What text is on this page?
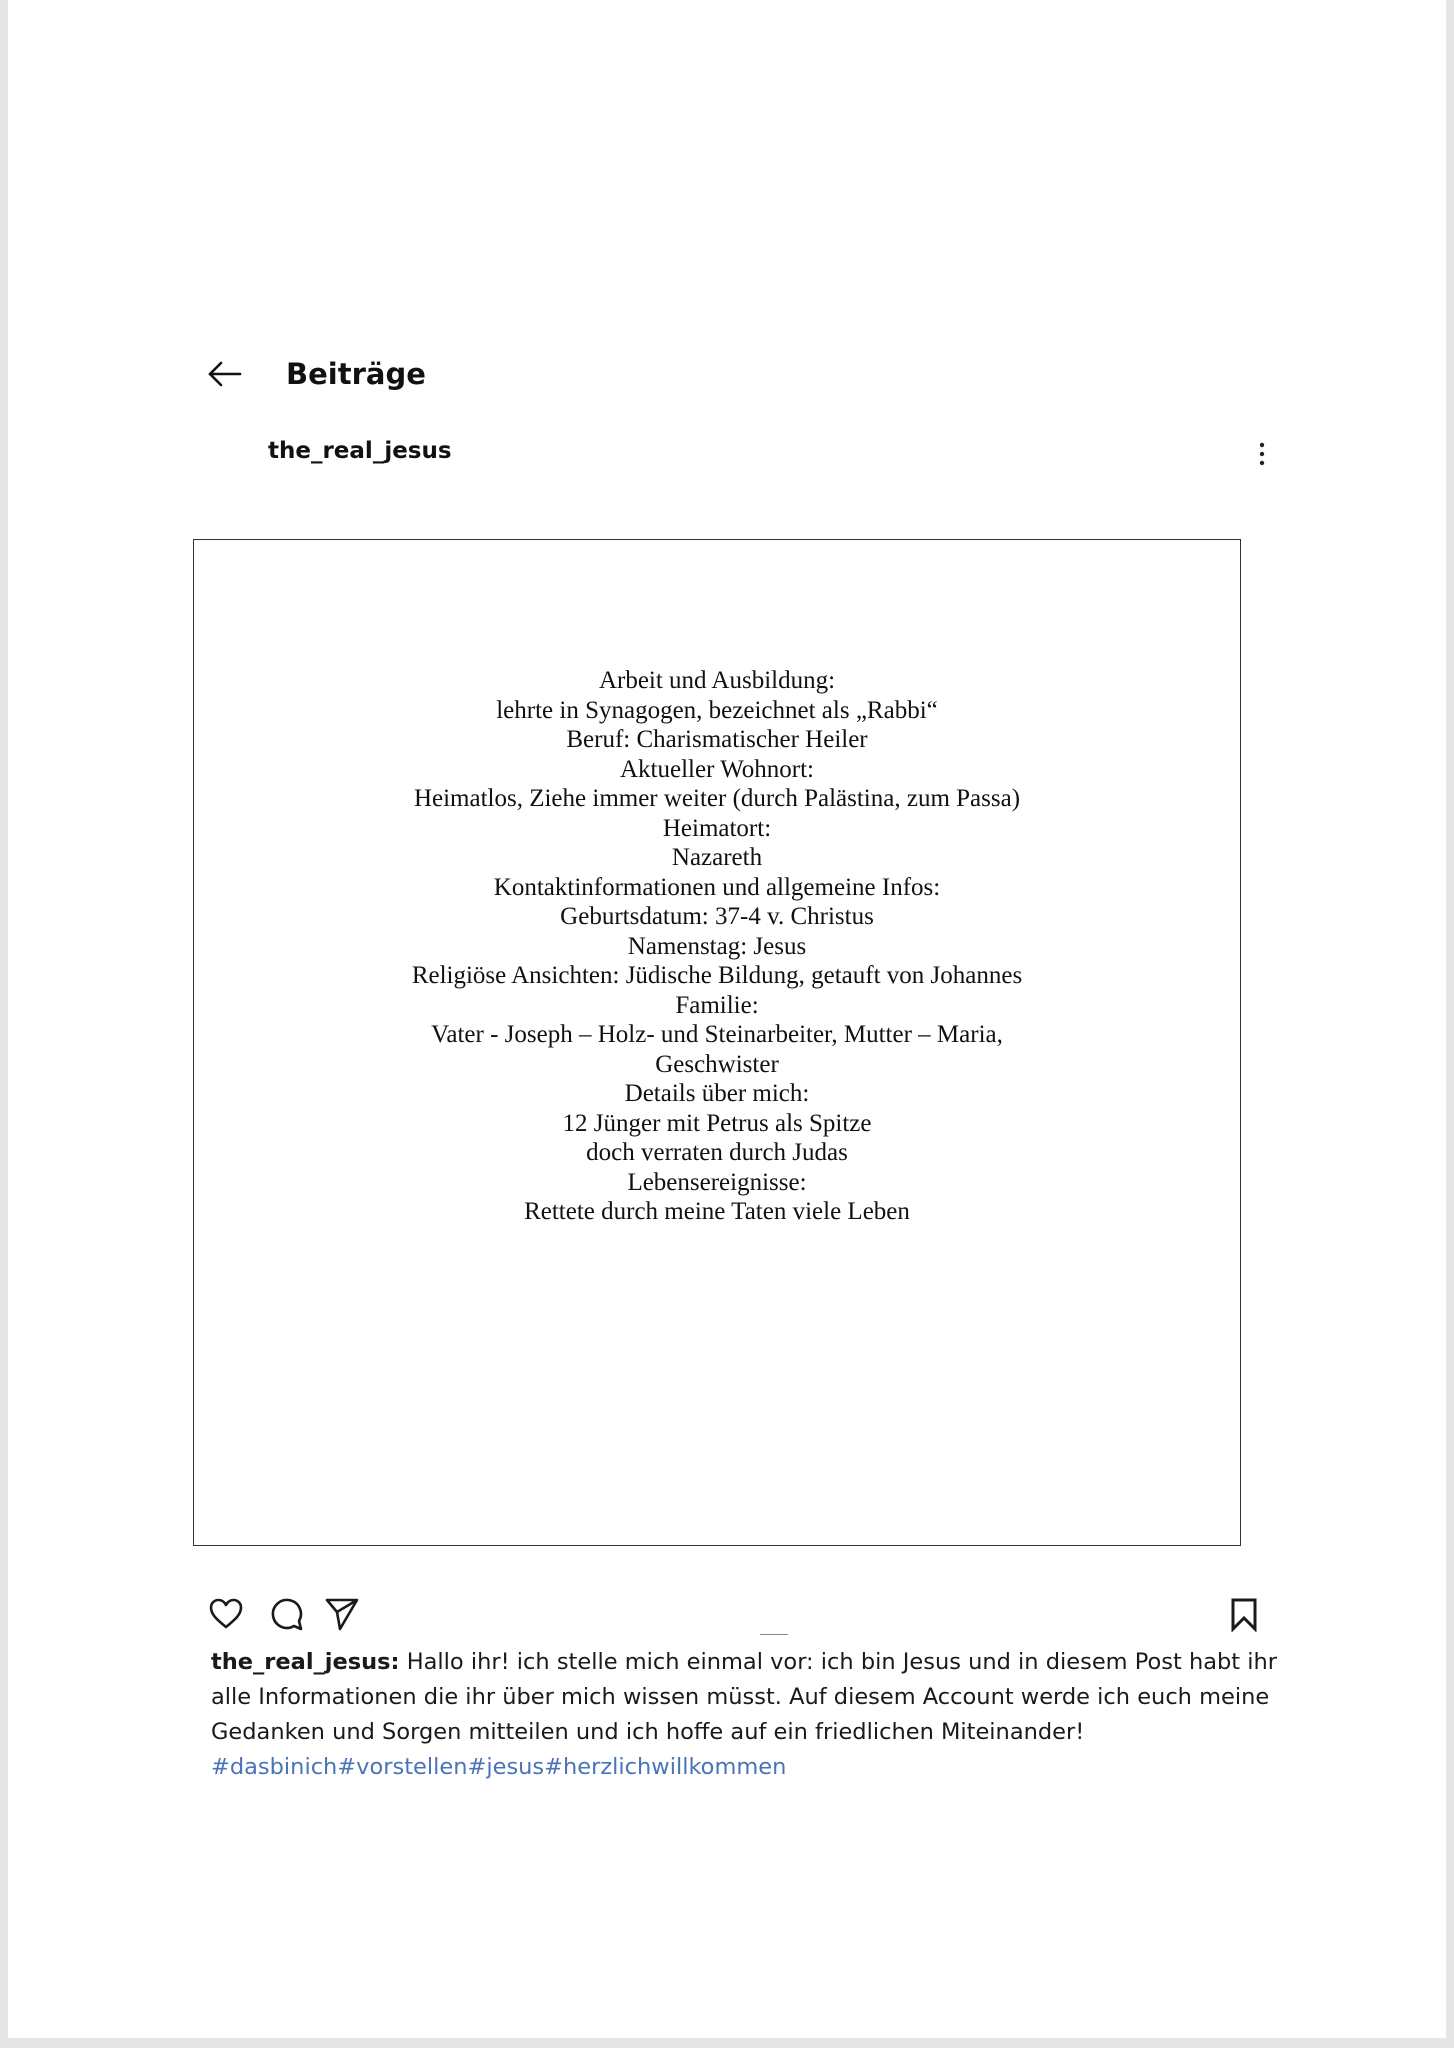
Beiträge
the_real_jesus
Arbeit und Ausbildung:
lehrte in Synagogen, bezeichnet als „Rabbi“
Beruf: Charismatischer Heiler
Aktueller Wohnort:
Heimatlos, Ziehe immer weiter (durch Palästina, zum Passa)
Heimatort:
Nazareth
Kontaktinformationen und allgemeine Infos:
Geburtsdatum: 37-4 v. Christus
Namenstag: Jesus
Religiöse Ansichten: Jüdische Bildung, getauft von Johannes
Familie:
Vater - Joseph – Holz- und Steinarbeiter, Mutter – Maria,
Geschwister
Details über mich:
12 Jünger mit Petrus als Spitze
doch verraten durch Judas
Lebensereignisse:
Rettete durch meine Taten viele Leben
the_real_jesus: Hallo ihr! ich stelle mich einmal vor: ich bin Jesus und in diesem Post habt ihr alle Informationen die ihr über mich wissen müsst. Auf diesem Account werde ich euch meine Gedanken und Sorgen mitteilen und ich hoffe auf ein friedlichen Miteinander!
#dasbinich#vorstellen#jesus#herzlichwillkommen
